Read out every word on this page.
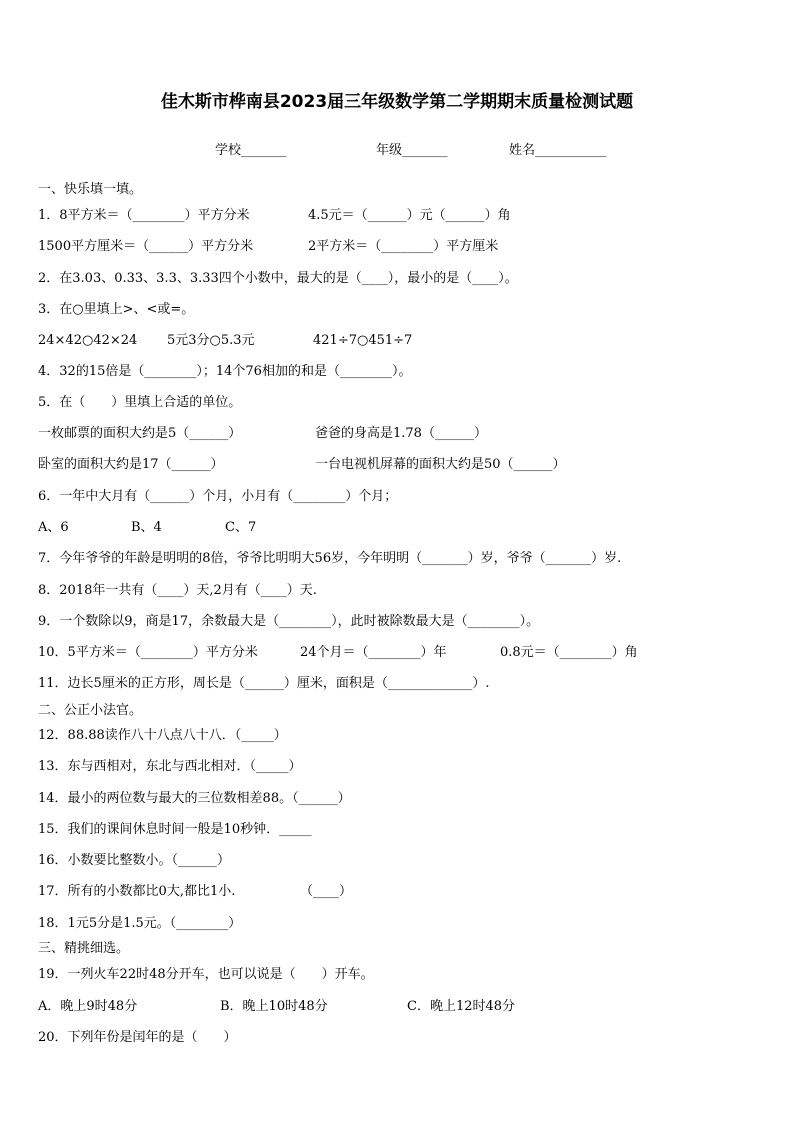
佳木斯市桦南县2023届三年级数学第二学期期末质量检测试题
学校_______	年级_______	姓名___________
一、快乐填一填。
1．8平方米＝（________）平方分米	4.5元＝（______）元（______）角
1500平方厘米＝（______）平方分米	2平方米＝（________）平方厘米
2．在3.03、0.33、3.3、3.33四个小数中，最大的是（____），最小的是（____）。
3．在○里填上>、<或=。
24×42○42×24 5元3分○5.3元	421÷7○451÷7
4．32的15倍是（________）；14个76相加的和是（________）。
5．在（　　）里填上合适的单位。
一枚邮票的面积大约是5（______）	爸爸的身高是1.78（______）
卧室的面积大约是17（______）	一台电视机屏幕的面积大约是50（______）
6．一年中大月有（______）个月，小月有（________）个月；
A、6	B、4	C、7
7．今年爷爷的年龄是明明的8倍，爷爷比明明大56岁，今年明明（_______）岁，爷爷（_______）岁.
8．2018年一共有（____）天,2月有（____）天.
9．一个数除以9，商是17，余数最大是（________），此时被除数最大是（________）。
10．5平方米＝（________）平方分米	24个月＝（________）年	0.8元＝（________）角
11．边长5厘米的正方形，周长是（______）厘米，面积是（_____________）.
二、公正小法官。
12．88.88读作八十八点八十八．（_____）
13．东与西相对，东北与西北相对．（_____）
14．最小的两位数与最大的三位数相差88。（______）
15．我们的课间休息时间一般是10秒钟．_____
16．小数要比整数小。（______）
17．所有的小数都比0大,都比1小.	（____）
18．1元5分是1.5元。（________）
三、精挑细选。
19．一列火车22时48分开车，也可以说是（　　）开车。
A．晚上9时48分	B．晚上10时48分	C．晚上12时48分
20．下列年份是闰年的是（　　）
